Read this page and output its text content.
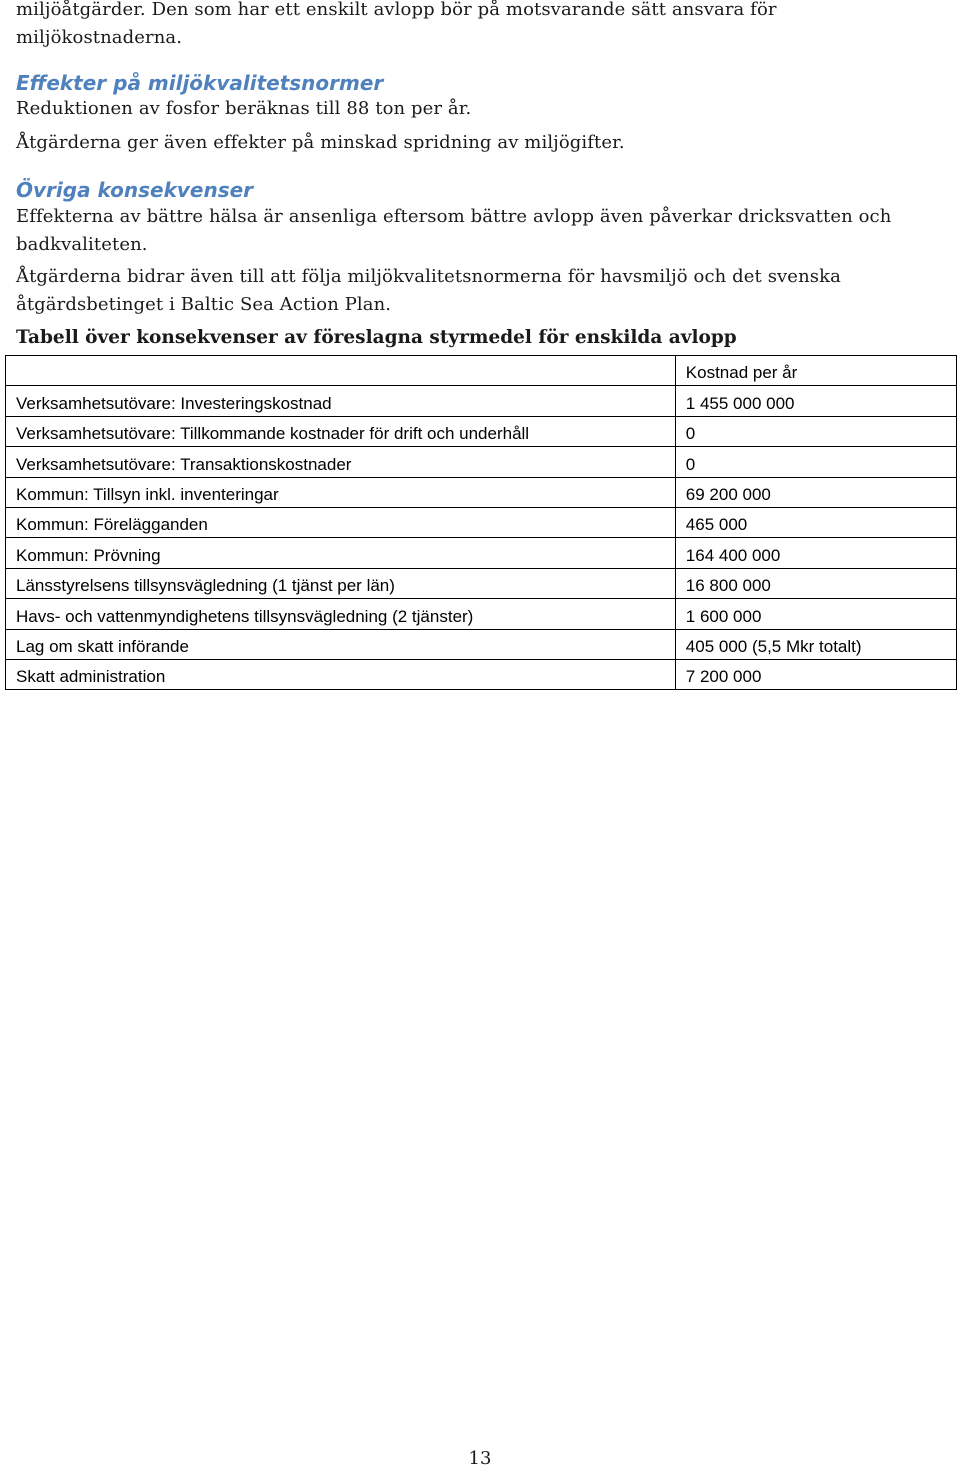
miljöåtgärder. Den som har ett enskilt avlopp bör på motsvarande sätt ansvara för miljökostnaderna.

Effekter på miljökvalitetsnormer

Reduktionen av fosfor beräknas till 88 ton per år.

Åtgärderna ger även effekter på minskad spridning av miljögifter.

Övriga konsekvenser

Effekterna av bättre hälsa är ansenliga eftersom bättre avlopp även påverkar dricksvatten och badkvaliteten.

Åtgärderna bidrar även till att följa miljökvalitetsnormerna för havsmiljö och det svenska åtgärdsbetinget i Baltic Sea Action Plan.

Tabell över konsekvenser av föreslagna styrmedel för enskilda avlopp

	Kostnad per år
Verksamhetsutövare: Investeringskostnad	1 455 000 000
Verksamhetsutövare: Tillkommande kostnader för drift och underhåll	0
Verksamhetsutövare: Transaktionskostnader	0
Kommun: Tillsyn inkl. inventeringar	69 200 000
Kommun: Förelägganden	465 000
Kommun: Prövning	164 400 000
Länsstyrelsens tillsynsvägledning (1 tjänst per län)	16 800 000
Havs- och vattenmyndighetens tillsynsvägledning (2 tjänster)	1 600 000
Lag om skatt införande	405 000 (5,5 Mkr totalt)
Skatt administration	7 200 000
13
